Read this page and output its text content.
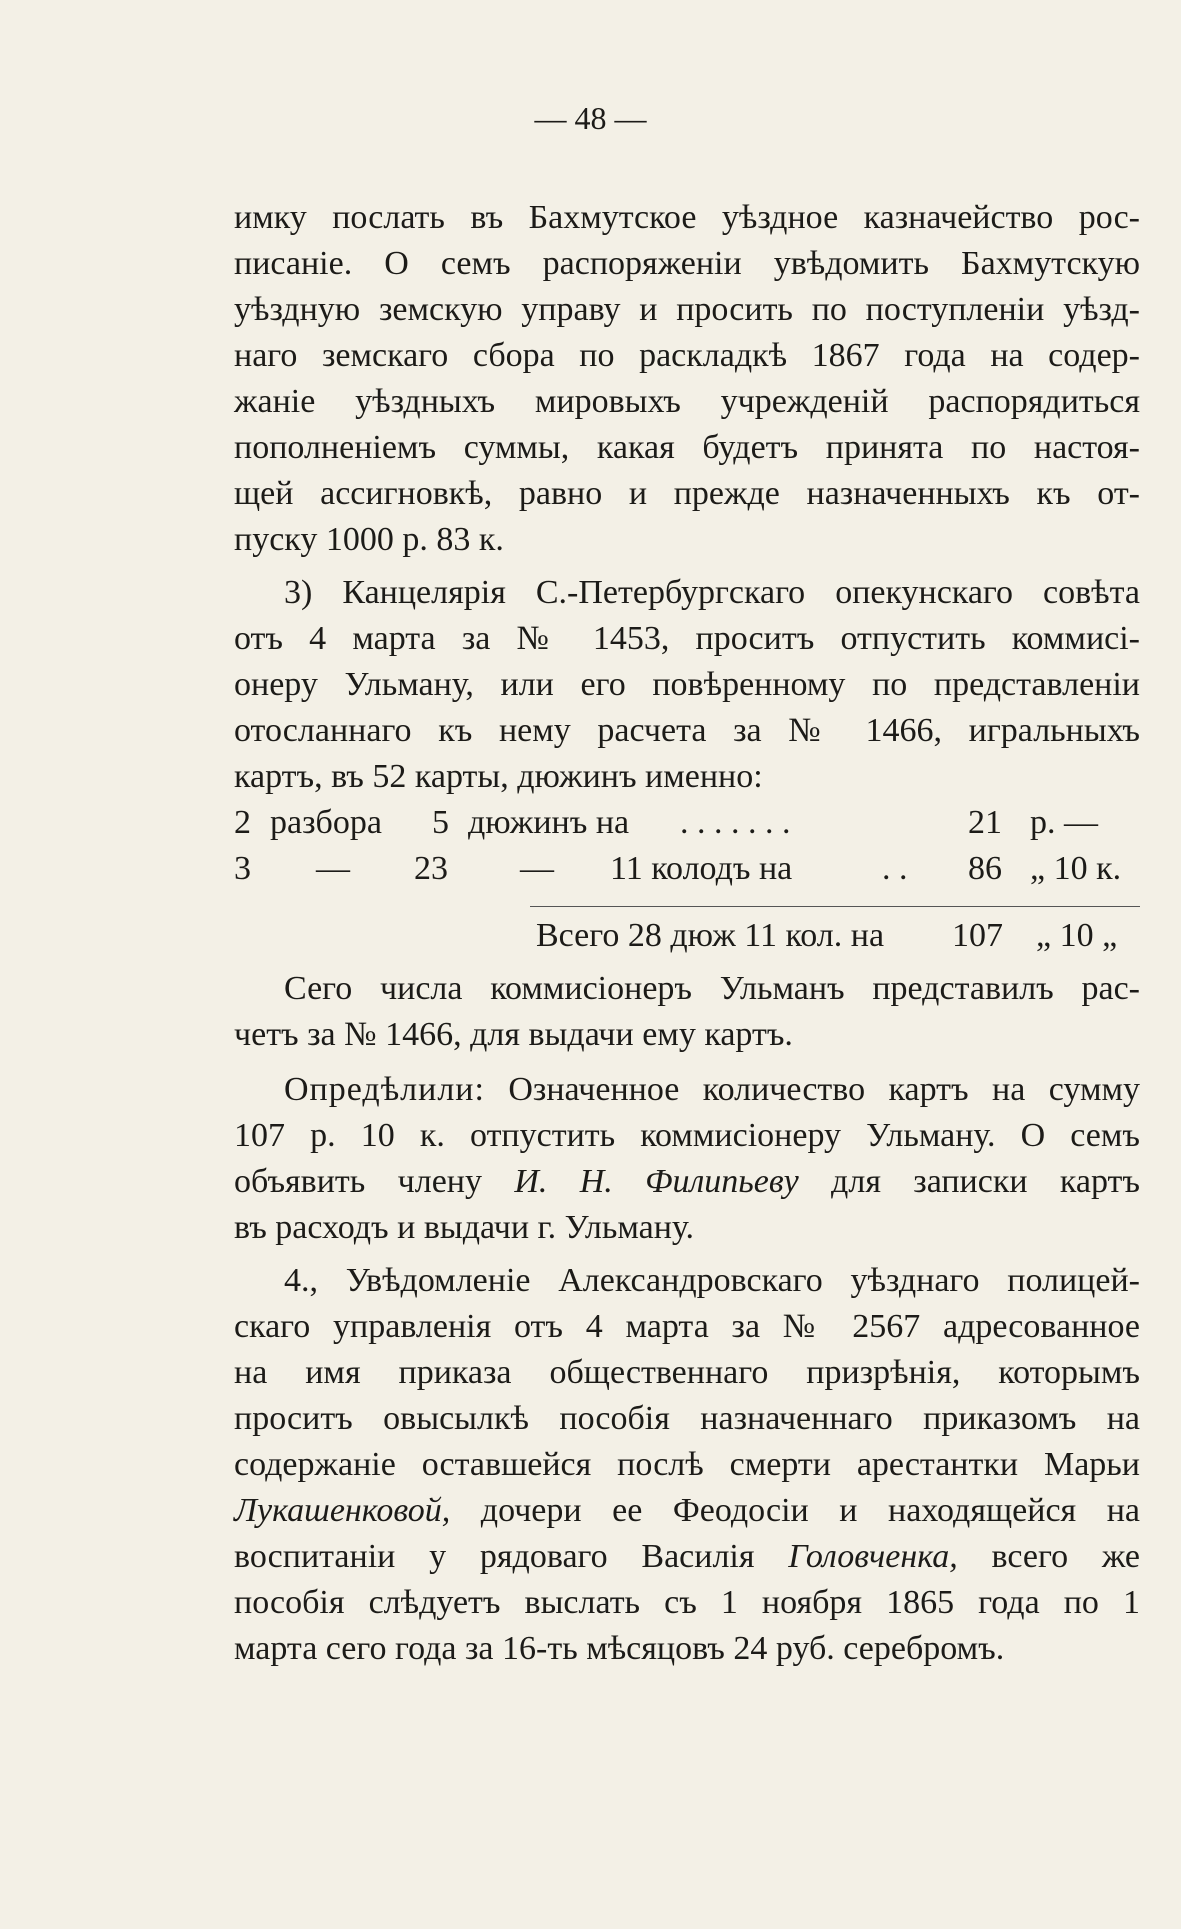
— 48 —
имку послать въ Бахмутское уѣздное казначейство рос-
писаніе. О семъ распоряженіи увѣдомить Бахмутскую
уѣздную земскую управу и просить по поступленіи уѣзд-
наго земскаго сбора по раскладкѣ 1867 года на содер-
жаніе уѣздныхъ мировыхъ учрежденій распорядиться
пополненіемъ суммы, какая будетъ принята по настоя-
щей ассигновкѣ, равно и прежде назначенныхъ къ от-
пуску 1000 р. 83 к.
3) Канцелярія С.-Петербургскаго опекунскаго совѣта
отъ 4 марта за № 1453, проситъ отпустить коммисі-
онеру Ульману, или его повѣренному по представленіи
отосланнаго къ нему расчета за № 1466, игральныхъ
картъ, въ 52 карты, дюжинъ именно:
2 разбора 5 дюжинъ на . . . . . . .	21 р. —
3 — 23 — 11 колодъ на	. . 86 „ 10 к.
Всего 28 дюж 11 кол. на 107 „ 10 „
Сего числа коммисіонеръ Ульманъ представилъ рас-
четъ за № 1466, для выдачи ему картъ.
Опредѣлили: Означенное количество картъ на сумму
107 р. 10 к. отпустить коммисіонеру Ульману. О семъ
объявить члену И. Н. Филипьеву для записки картъ
въ расходъ и выдачи г. Ульману.
4., Увѣдомленіе Александровскаго уѣзднаго полицей-
скаго управленія отъ 4 марта за № 2567 адресованное
на имя приказа общественнаго призрѣнія, которымъ
проситъ овысылкѣ пособія назначеннаго приказомъ на
содержаніе оставшейся послѣ смерти арестантки Марьи
Лукашенковой, дочери ее Феодосіи и находящейся на
воспитаніи у рядоваго Василія Головченка, всего же
пособія слѣдуетъ выслать съ 1 ноября 1865 года по 1
марта сего года за 16-ть мѣсяцовъ 24 руб. серебромъ.
